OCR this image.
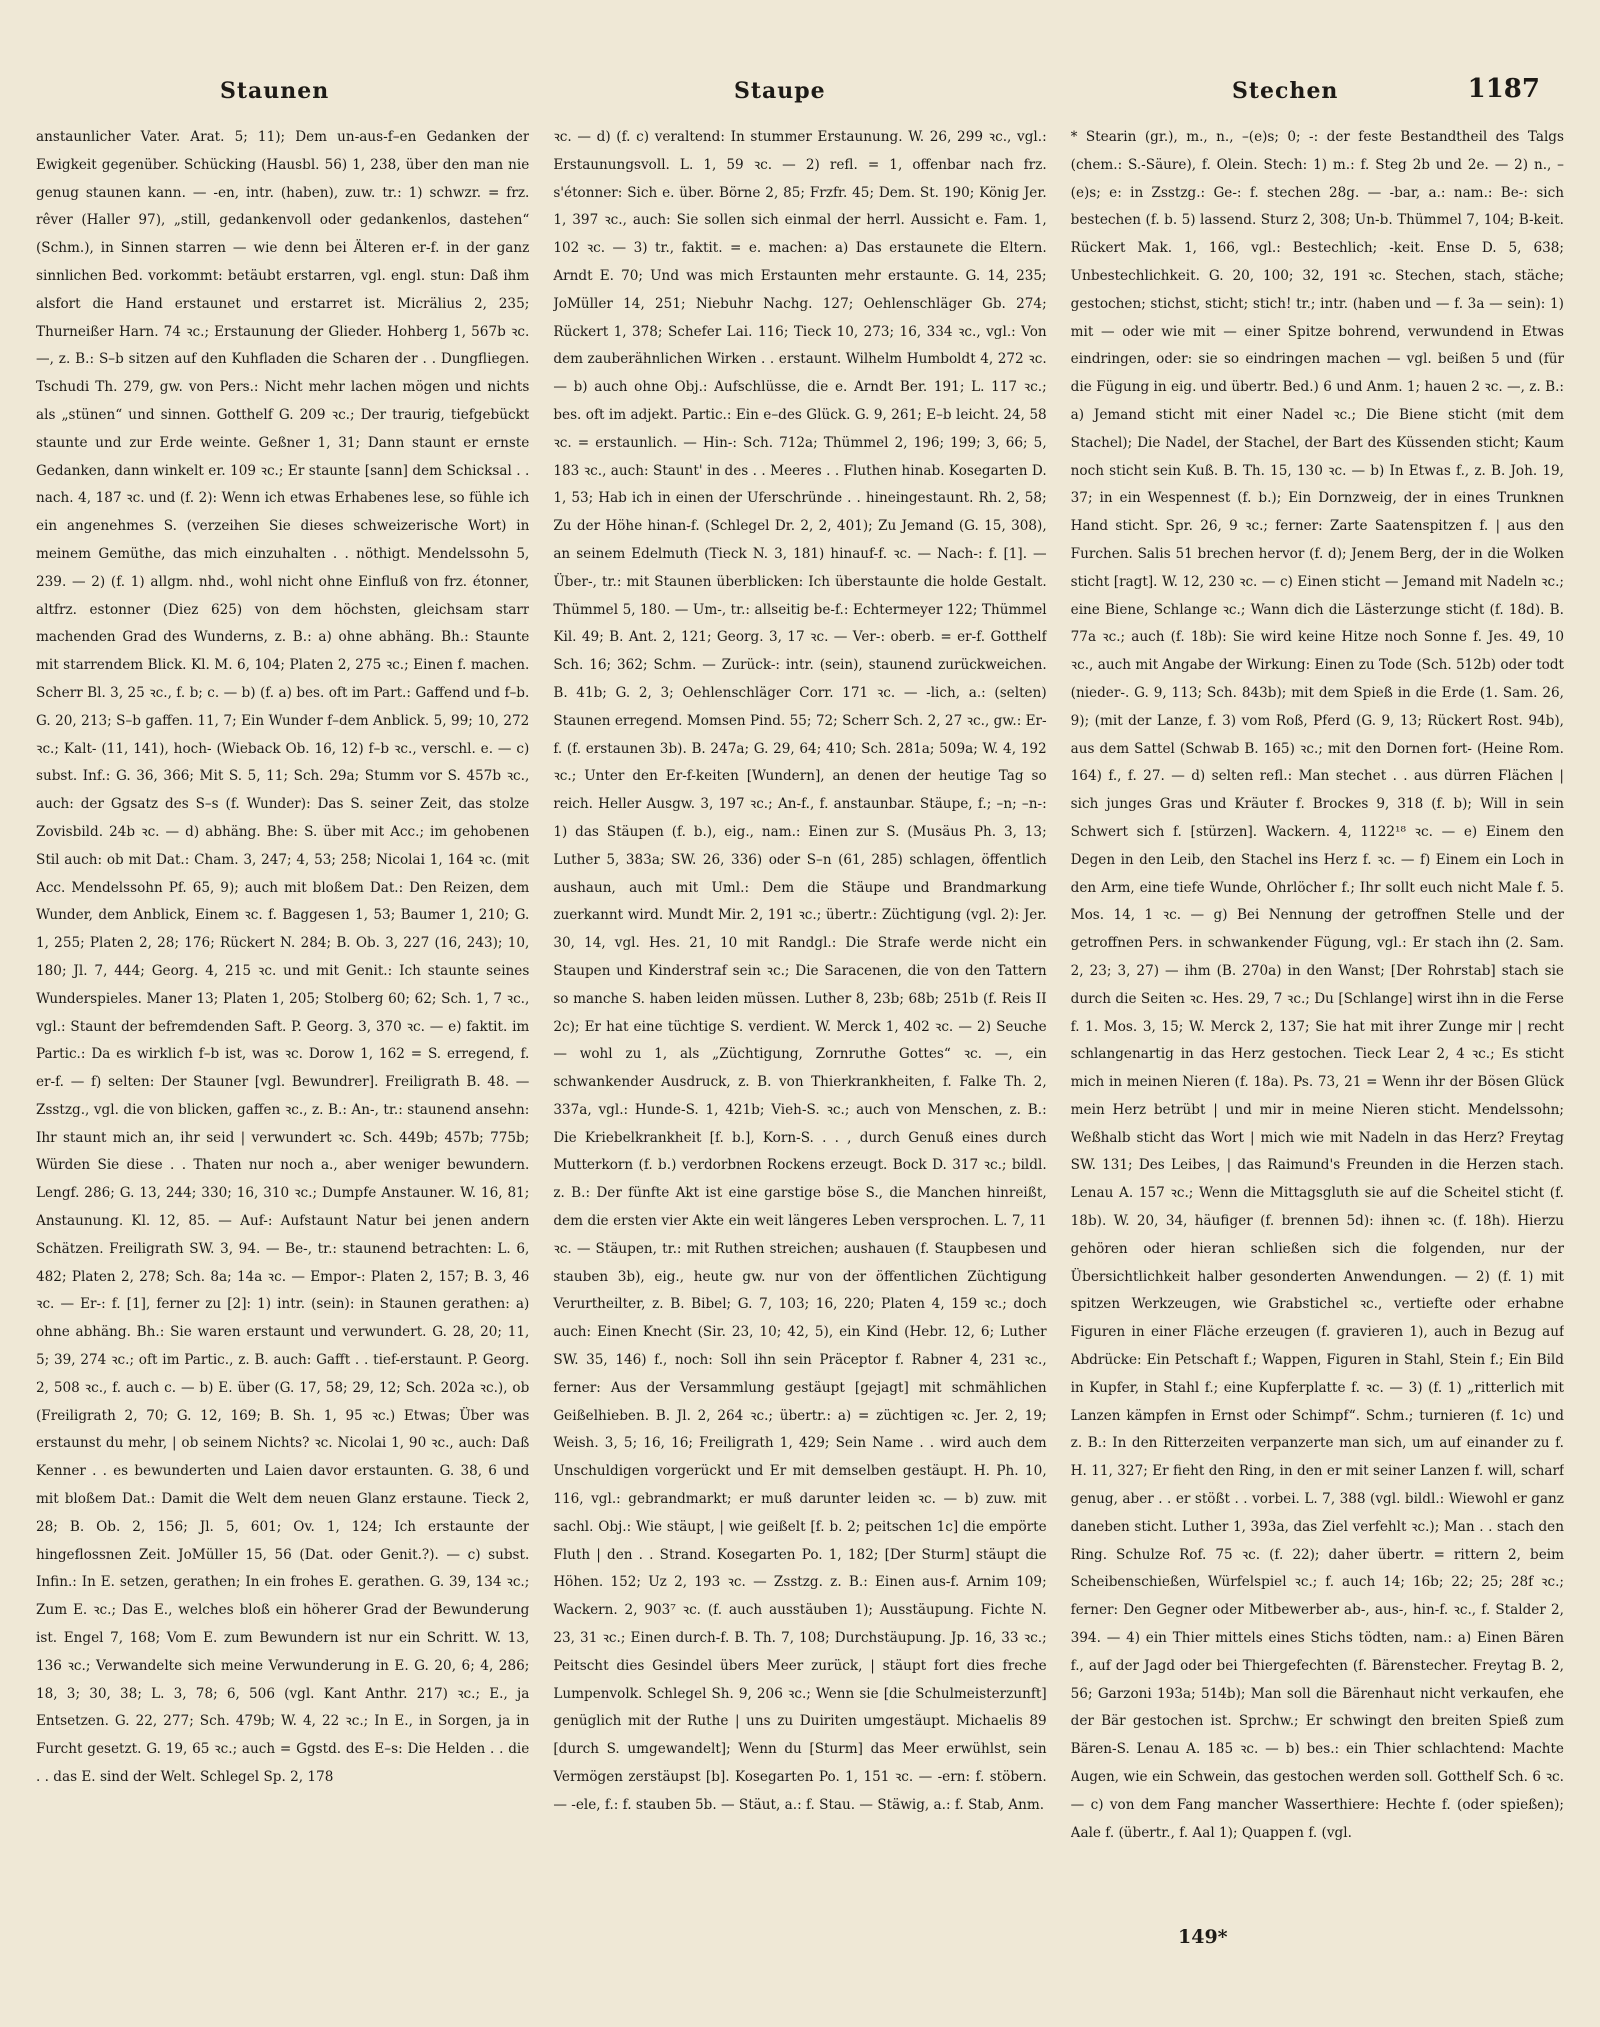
Staunen	Staupe	Stechen	1187

anstaunlicher Vater. Arat. 5; 11); Dem un-aus-f–en Gedanken der Ewigkeit gegenüber. Schücking (Hausbl. 56) 1, 238, über den man nie genug staunen kann. — -en, intr. (haben), zuw. tr.: 1) schwzr. = frz. rêver (Haller 97), „still, gedankenvoll oder gedankenlos, dastehen“ (Schm.), in Sinnen starren — wie denn bei Älteren er-f. in der ganz sinnlichen Bed. vorkommt: betäubt erstarren, vgl. engl. stun: Daß ihm alsfort die Hand erstaunet und erstarret ist. Micrälius 2, 235; Thurneißer Harn. 74 ꝛc.; Erstaunung der Glieder. Hohberg 1, 567b ꝛc. —, z. B.: S–b sitzen auf den Kuhfladen die Scharen der . . Dungfliegen. Tschudi Th. 279, gw. von Pers.: Nicht mehr lachen mögen und nichts als „stünen“ und sinnen. Gotthelf G. 209 ꝛc.; Der traurig, tiefgebückt staunte und zur Erde weinte. Geßner 1, 31; Dann staunt er ernste Gedanken, dann winkelt er. 109 ꝛc.; Er staunte [sann] dem Schicksal . . nach. 4, 187 ꝛc. und (f. 2): Wenn ich etwas Erhabenes lese, so fühle ich ein angenehmes S. (verzeihen Sie dieses schweizerische Wort) in meinem Gemüthe, das mich einzuhalten . . nöthigt. Mendelssohn 5, 239. — 2) (f. 1) allgm. nhd., wohl nicht ohne Einfluß von frz. étonner, altfrz. estonner (Diez 625) von dem höchsten, gleichsam starr machenden Grad des Wunderns, z. B.: a) ohne abhäng. Bh.: Staunte mit starrendem Blick. Kl. M. 6, 104; Platen 2, 275 ꝛc.; Einen f. machen. Scherr Bl. 3, 25 ꝛc., f. b; c. — b) (f. a) bes. oft im Part.: Gaffend und f–b. G. 20, 213; S–b gaffen. 11, 7; Ein Wunder f–dem Anblick. 5, 99; 10, 272 ꝛc.; Kalt- (11, 141), hoch- (Wieback Ob. 16, 12) f–b ꝛc., verschl. e. — c) subst. Inf.: G. 36, 366; Mit S. 5, 11; Sch. 29a; Stumm vor S. 457b ꝛc., auch: der Ggsatz des S–s (f. Wunder): Das S. seiner Zeit, das stolze Zovisbild. 24b ꝛc. — d) abhäng. Bhe: S. über mit Acc.; im gehobenen Stil auch: ob mit Dat.: Cham. 3, 247; 4, 53; 258; Nicolai 1, 164 ꝛc. (mit Acc. Mendelssohn Pf. 65, 9); auch mit bloßem Dat.: Den Reizen, dem Wunder, dem Anblick, Einem ꝛc. f. Baggesen 1, 53; Baumer 1, 210; G. 1, 255; Platen 2, 28; 176; Rückert N. 284; B. Ob. 3, 227 (16, 243); 10, 180; Jl. 7, 444; Georg. 4, 215 ꝛc. und mit Genit.: Ich staunte seines Wunderspieles. Maner 13; Platen 1, 205; Stolberg 60; 62; Sch. 1, 7 ꝛc., vgl.: Staunt der befremdenden Saft. P. Georg. 3, 370 ꝛc. — e) faktit. im Partic.: Da es wirklich f–b ist, was ꝛc. Dorow 1, 162 = S. erregend, f. er-f. — f) selten: Der Stauner [vgl. Bewundrer]. Freiligrath B. 48. — Zsstzg., vgl. die von blicken, gaffen ꝛc., z. B.: An-, tr.: staunend ansehn: Ihr staunt mich an, ihr seid | verwundert ꝛc. Sch. 449b; 457b; 775b; Würden Sie diese . . Thaten nur noch a., aber weniger bewundern. Lengf. 286; G. 13, 244; 330; 16, 310 ꝛc.; Dumpfe Anstauner. W. 16, 81; Anstaunung. Kl. 12, 85. — Auf-: Aufstaunt Natur bei jenen andern Schätzen. Freiligrath SW. 3, 94. — Be-, tr.: staunend betrachten: L. 6, 482; Platen 2, 278; Sch. 8a; 14a ꝛc. — Empor-: Platen 2, 157; B. 3, 46 ꝛc. — Er-: f. [1], ferner zu [2]: 1) intr. (sein): in Staunen gerathen: a) ohne abhäng. Bh.: Sie waren erstaunt und verwundert. G. 28, 20; 11, 5; 39, 274 ꝛc.; oft im Partic., z. B. auch: Gafft . . tief-erstaunt. P. Georg. 2, 508 ꝛc., f. auch c. — b) E. über (G. 17, 58; 29, 12; Sch. 202a ꝛc.), ob (Freiligrath 2, 70; G. 12, 169; B. Sh. 1, 95 ꝛc.) Etwas; Über was erstaunst du mehr, | ob seinem Nichts? ꝛc. Nicolai 1, 90 ꝛc., auch: Daß Kenner . . es bewunderten und Laien davor erstaunten. G. 38, 6 und mit bloßem Dat.: Damit die Welt dem neuen Glanz erstaune. Tieck 2, 28; B. Ob. 2, 156; Jl. 5, 601; Ov. 1, 124; Ich erstaunte der hingeflossnen Zeit. JoMüller 15, 56 (Dat. oder Genit.?). — c) subst. Infin.: In E. setzen, gerathen; In ein frohes E. gerathen. G. 39, 134 ꝛc.; Zum E. ꝛc.; Das E., welches bloß ein höherer Grad der Bewunderung ist. Engel 7, 168; Vom E. zum Bewundern ist nur ein Schritt. W. 13, 136 ꝛc.; Verwandelte sich meine Verwunderung in E. G. 20, 6; 4, 286; 18, 3; 30, 38; L. 3, 78; 6, 506 (vgl. Kant Anthr. 217) ꝛc.; E., ja Entsetzen. G. 22, 277; Sch. 479b; W. 4, 22 ꝛc.; In E., in Sorgen, ja in Furcht gesetzt. G. 19, 65 ꝛc.; auch = Ggstd. des E–s: Die Helden . . die . . das E. sind der Welt. Schlegel Sp. 2, 178

ꝛc. — d) (f. c) veraltend: In stummer Erstaunung. W. 26, 299 ꝛc., vgl.: Erstaunungsvoll. L. 1, 59 ꝛc. — 2) refl. = 1, offenbar nach frz. s'étonner: Sich e. über. Börne 2, 85; Frzfr. 45; Dem. St. 190; König Jer. 1, 397 ꝛc., auch: Sie sollen sich einmal der herrl. Aussicht e. Fam. 1, 102 ꝛc. — 3) tr., faktit. = e. machen: a) Das erstaunete die Eltern. Arndt E. 70; Und was mich Erstaunten mehr erstaunte. G. 14, 235; JoMüller 14, 251; Niebuhr Nachg. 127; Oehlenschläger Gb. 274; Rückert 1, 378; Schefer Lai. 116; Tieck 10, 273; 16, 334 ꝛc., vgl.: Von dem zauberähnlichen Wirken . . erstaunt. Wilhelm Humboldt 4, 272 ꝛc. — b) auch ohne Obj.: Aufschlüsse, die e. Arndt Ber. 191; L. 117 ꝛc.; bes. oft im adjekt. Partic.: Ein e–des Glück. G. 9, 261; E–b leicht. 24, 58 ꝛc. = erstaunlich. — Hin-: Sch. 712a; Thümmel 2, 196; 199; 3, 66; 5, 183 ꝛc., auch: Staunt' in des . . Meeres . . Fluthen hinab. Kosegarten D. 1, 53; Hab ich in einen der Uferschründe . . hineingestaunt. Rh. 2, 58; Zu der Höhe hinan-f. (Schlegel Dr. 2, 2, 401); Zu Jemand (G. 15, 308), an seinem Edelmuth (Tieck N. 3, 181) hinauf-f. ꝛc. — Nach-: f. [1]. — Über-, tr.: mit Staunen überblicken: Ich überstaunte die holde Gestalt. Thümmel 5, 180. — Um-, tr.: allseitig be-f.: Echtermeyer 122; Thümmel Kil. 49; B. Ant. 2, 121; Georg. 3, 17 ꝛc. — Ver-: oberb. = er-f. Gotthelf Sch. 16; 362; Schm. — Zurück-: intr. (sein), staunend zurückweichen. B. 41b; G. 2, 3; Oehlenschläger Corr. 171 ꝛc. — -lich, a.: (selten) Staunen erregend. Momsen Pind. 55; 72; Scherr Sch. 2, 27 ꝛc., gw.: Er-f. (f. erstaunen 3b). B. 247a; G. 29, 64; 410; Sch. 281a; 509a; W. 4, 192 ꝛc.; Unter den Er-f-keiten [Wundern], an denen der heutige Tag so reich. Heller Ausgw. 3, 197 ꝛc.; An-f., f. anstaunbar. Stäupe, f.; –n; –n-: 1) das Stäupen (f. b.), eig., nam.: Einen zur S. (Musäus Ph. 3, 13; Luther 5, 383a; SW. 26, 336) oder S–n (61, 285) schlagen, öffentlich aushaun, auch mit Uml.: Dem die Stäupe und Brandmarkung zuerkannt wird. Mundt Mir. 2, 191 ꝛc.; übertr.: Züchtigung (vgl. 2): Jer. 30, 14, vgl. Hes. 21, 10 mit Randgl.: Die Strafe werde nicht ein Staupen und Kinderstraf sein ꝛc.; Die Saracenen, die von den Tattern so manche S. haben leiden müssen. Luther 8, 23b; 68b; 251b (f. Reis II 2c); Er hat eine tüchtige S. verdient. W. Merck 1, 402 ꝛc. — 2) Seuche — wohl zu 1, als „Züchtigung, Zornruthe Gottes“ ꝛc. —, ein schwankender Ausdruck, z. B. von Thierkrankheiten, f. Falke Th. 2, 337a, vgl.: Hunde-S. 1, 421b; Vieh-S. ꝛc.; auch von Menschen, z. B.: Die Kriebelkrankheit [f. b.], Korn-S. . . , durch Genuß eines durch Mutterkorn (f. b.) verdorbnen Rockens erzeugt. Bock D. 317 ꝛc.; bildl. z. B.: Der fünfte Akt ist eine garstige böse S., die Manchen hinreißt, dem die ersten vier Akte ein weit längeres Leben versprochen. L. 7, 11 ꝛc. — Stäupen, tr.: mit Ruthen streichen; aushauen (f. Staupbesen und stauben 3b), eig., heute gw. nur von der öffentlichen Züchtigung Verurtheilter, z. B. Bibel; G. 7, 103; 16, 220; Platen 4, 159 ꝛc.; doch auch: Einen Knecht (Sir. 23, 10; 42, 5), ein Kind (Hebr. 12, 6; Luther SW. 35, 146) f., noch: Soll ihn sein Präceptor f. Rabner 4, 231 ꝛc., ferner: Aus der Versammlung gestäupt [gejagt] mit schmählichen Geißelhieben. B. Jl. 2, 264 ꝛc.; übertr.: a) = züchtigen ꝛc. Jer. 2, 19; Weish. 3, 5; 16, 16; Freiligrath 1, 429; Sein Name . . wird auch dem Unschuldigen vorgerückt und Er mit demselben gestäupt. H. Ph. 10, 116, vgl.: gebrandmarkt; er muß darunter leiden ꝛc. — b) zuw. mit sachl. Obj.: Wie stäupt, | wie geißelt [f. b. 2; peitschen 1c] die empörte Fluth | den . . Strand. Kosegarten Po. 1, 182; [Der Sturm] stäupt die Höhen. 152; Uz 2, 193 ꝛc. — Zsstzg. z. B.: Einen aus-f. Arnim 109; Wackern. 2, 903⁷ ꝛc. (f. auch ausstäuben 1); Ausstäupung. Fichte N. 23, 31 ꝛc.; Einen durch-f. B. Th. 7, 108; Durchstäupung. Jp. 16, 33 ꝛc.; Peitscht dies Gesindel übers Meer zurück, | stäupt fort dies freche Lumpenvolk. Schlegel Sh. 9, 206 ꝛc.; Wenn sie [die Schulmeisterzunft] genüglich mit der Ruthe | uns zu Duiriten umgestäupt. Michaelis 89 [durch S. umgewandelt]; Wenn du [Sturm] das Meer erwühlst, sein Vermögen zerstäupst [b]. Kosegarten Po. 1, 151 ꝛc. — -ern: f. stöbern. — -ele, f.: f. stauben 5b. — Stäut, a.: f. Stau. — Stäwig, a.: f. Stab, Anm.

* Stearin (gr.), m., n., –(e)s; 0; -: der feste Bestandtheil des Talgs (chem.: S.-Säure), f. Olein. Stech: 1) m.: f. Steg 2b und 2e. — 2) n., –(e)s; e: in Zsstzg.: Ge-: f. stechen 28g. — -bar, a.: nam.: Be-: sich bestechen (f. b. 5) lassend. Sturz 2, 308; Un-b. Thümmel 7, 104; B-keit. Rückert Mak. 1, 166, vgl.: Bestechlich; -keit. Ense D. 5, 638; Unbestechlichkeit. G. 20, 100; 32, 191 ꝛc. Stechen, stach, stäche; gestochen; stichst, sticht; stich! tr.; intr. (haben und — f. 3a — sein): 1) mit — oder wie mit — einer Spitze bohrend, verwundend in Etwas eindringen, oder: sie so eindringen machen — vgl. beißen 5 und (für die Fügung in eig. und übertr. Bed.) 6 und Anm. 1; hauen 2 ꝛc. —, z. B.: a) Jemand sticht mit einer Nadel ꝛc.; Die Biene sticht (mit dem Stachel); Die Nadel, der Stachel, der Bart des Küssenden sticht; Kaum noch sticht sein Kuß. B. Th. 15, 130 ꝛc. — b) In Etwas f., z. B. Joh. 19, 37; in ein Wespennest (f. b.); Ein Dornzweig, der in eines Trunknen Hand sticht. Spr. 26, 9 ꝛc.; ferner: Zarte Saatenspitzen f. | aus den Furchen. Salis 51 brechen hervor (f. d); Jenem Berg, der in die Wolken sticht [ragt]. W. 12, 230 ꝛc. — c) Einen sticht — Jemand mit Nadeln ꝛc.; eine Biene, Schlange ꝛc.; Wann dich die Lästerzunge sticht (f. 18d). B. 77a ꝛc.; auch (f. 18b): Sie wird keine Hitze noch Sonne f. Jes. 49, 10 ꝛc., auch mit Angabe der Wirkung: Einen zu Tode (Sch. 512b) oder todt (nieder-. G. 9, 113; Sch. 843b); mit dem Spieß in die Erde (1. Sam. 26, 9); (mit der Lanze, f. 3) vom Roß, Pferd (G. 9, 13; Rückert Rost. 94b), aus dem Sattel (Schwab B. 165) ꝛc.; mit den Dornen fort- (Heine Rom. 164) f., f. 27. — d) selten refl.: Man stechet . . aus dürren Flächen | sich junges Gras und Kräuter f. Brockes 9, 318 (f. b); Will in sein Schwert sich f. [stürzen]. Wackern. 4, 1122¹⁸ ꝛc. — e) Einem den Degen in den Leib, den Stachel ins Herz f. ꝛc. — f) Einem ein Loch in den Arm, eine tiefe Wunde, Ohrlöcher f.; Ihr sollt euch nicht Male f. 5. Mos. 14, 1 ꝛc. — g) Bei Nennung der getroffnen Stelle und der getroffnen Pers. in schwankender Fügung, vgl.: Er stach ihn (2. Sam. 2, 23; 3, 27) — ihm (B. 270a) in den Wanst; [Der Rohrstab] stach sie durch die Seiten ꝛc. Hes. 29, 7 ꝛc.; Du [Schlange] wirst ihn in die Ferse f. 1. Mos. 3, 15; W. Merck 2, 137; Sie hat mit ihrer Zunge mir | recht schlangenartig in das Herz gestochen. Tieck Lear 2, 4 ꝛc.; Es sticht mich in meinen Nieren (f. 18a). Ps. 73, 21 = Wenn ihr der Bösen Glück mein Herz betrübt | und mir in meine Nieren sticht. Mendelssohn; Weßhalb sticht das Wort | mich wie mit Nadeln in das Herz? Freytag SW. 131; Des Leibes, | das Raimund's Freunden in die Herzen stach. Lenau A. 157 ꝛc.; Wenn die Mittagsgluth sie auf die Scheitel sticht (f. 18b). W. 20, 34, häufiger (f. brennen 5d): ihnen ꝛc. (f. 18h). Hierzu gehören oder hieran schließen sich die folgenden, nur der Übersichtlichkeit halber gesonderten Anwendungen. — 2) (f. 1) mit spitzen Werkzeugen, wie Grabstichel ꝛc., vertiefte oder erhabne Figuren in einer Fläche erzeugen (f. gravieren 1), auch in Bezug auf Abdrücke: Ein Petschaft f.; Wappen, Figuren in Stahl, Stein f.; Ein Bild in Kupfer, in Stahl f.; eine Kupferplatte f. ꝛc. — 3) (f. 1) „ritterlich mit Lanzen kämpfen in Ernst oder Schimpf“. Schm.; turnieren (f. 1c) und z. B.: In den Ritterzeiten verpanzerte man sich, um auf einander zu f. H. 11, 327; Er fieht den Ring, in den er mit seiner Lanzen f. will, scharf genug, aber . . er stößt . . vorbei. L. 7, 388 (vgl. bildl.: Wiewohl er ganz daneben sticht. Luther 1, 393a, das Ziel verfehlt ꝛc.); Man . . stach den Ring. Schulze Rof. 75 ꝛc. (f. 22); daher übertr. = rittern 2, beim Scheibenschießen, Würfelspiel ꝛc.; f. auch 14; 16b; 22; 25; 28f ꝛc.; ferner: Den Gegner oder Mitbewerber ab-, aus-, hin-f. ꝛc., f. Stalder 2, 394. — 4) ein Thier mittels eines Stichs tödten, nam.: a) Einen Bären f., auf der Jagd oder bei Thiergefechten (f. Bärenstecher. Freytag B. 2, 56; Garzoni 193a; 514b); Man soll die Bärenhaut nicht verkaufen, ehe der Bär gestochen ist. Sprchw.; Er schwingt den breiten Spieß zum Bären-S. Lenau A. 185 ꝛc. — b) bes.: ein Thier schlachtend: Machte Augen, wie ein Schwein, das gestochen werden soll. Gotthelf Sch. 6 ꝛc. — c) von dem Fang mancher Wasserthiere: Hechte f. (oder spießen); Aale f. (übertr., f. Aal 1); Quappen f. (vgl.

149*
